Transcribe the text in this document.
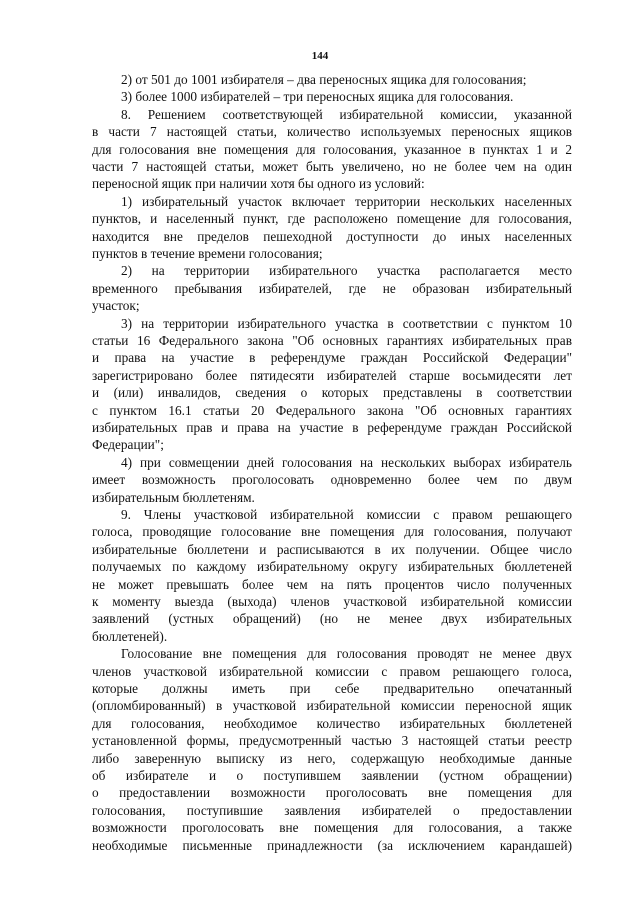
144
2) от 501 до 1001 избирателя – два переносных ящика для голосования;
3) более 1000 избирателей – три переносных ящика для голосования.
8. Решением соответствующей избирательной комиссии, указанной
в части 7 настоящей статьи, количество используемых переносных ящиков
для голосования вне помещения для голосования, указанное в пунктах 1 и 2
части 7 настоящей статьи, может быть увеличено, но не более чем на один
переносной ящик при наличии хотя бы одного из условий:
1) избирательный участок включает территории нескольких населенных
пунктов, и населенный пункт, где расположено помещение для голосования,
находится вне пределов пешеходной доступности до иных населенных
пунктов в течение времени голосования;
2) на территории избирательного участка располагается место
временного пребывания избирателей, где не образован избирательный
участок;
3) на территории избирательного участка в соответствии с пунктом 10
статьи 16 Федерального закона "Об основных гарантиях избирательных прав
и права на участие в референдуме граждан Российской Федерации"
зарегистрировано более пятидесяти избирателей старше восьмидесяти лет
и (или) инвалидов, сведения о которых представлены в соответствии
с пунктом 16.1 статьи 20 Федерального закона "Об основных гарантиях
избирательных прав и права на участие в референдуме граждан Российской
Федерации";
4) при совмещении дней голосования на нескольких выборах избиратель
имеет возможность проголосовать одновременно более чем по двум
избирательным бюллетеням.
9. Члены участковой избирательной комиссии с правом решающего
голоса, проводящие голосование вне помещения для голосования, получают
избирательные бюллетени и расписываются в их получении. Общее число
получаемых по каждому избирательному округу избирательных бюллетеней
не может превышать более чем на пять процентов число полученных
к моменту выезда (выхода) членов участковой избирательной комиссии
заявлений (устных обращений) (но не менее двух избирательных
бюллетеней).
Голосование вне помещения для голосования проводят не менее двух
членов участковой избирательной комиссии с правом решающего голоса,
которые должны иметь при себе предварительно опечатанный
(опломбированный) в участковой избирательной комиссии переносной ящик
для голосования, необходимое количество избирательных бюллетеней
установленной формы, предусмотренный частью 3 настоящей статьи реестр
либо заверенную выписку из него, содержащую необходимые данные
об избирателе и о поступившем заявлении (устном обращении)
о предоставлении возможности проголосовать вне помещения для
голосования, поступившие заявления избирателей о предоставлении
возможности проголосовать вне помещения для голосования, а также
необходимые письменные принадлежности (за исключением карандашей)
